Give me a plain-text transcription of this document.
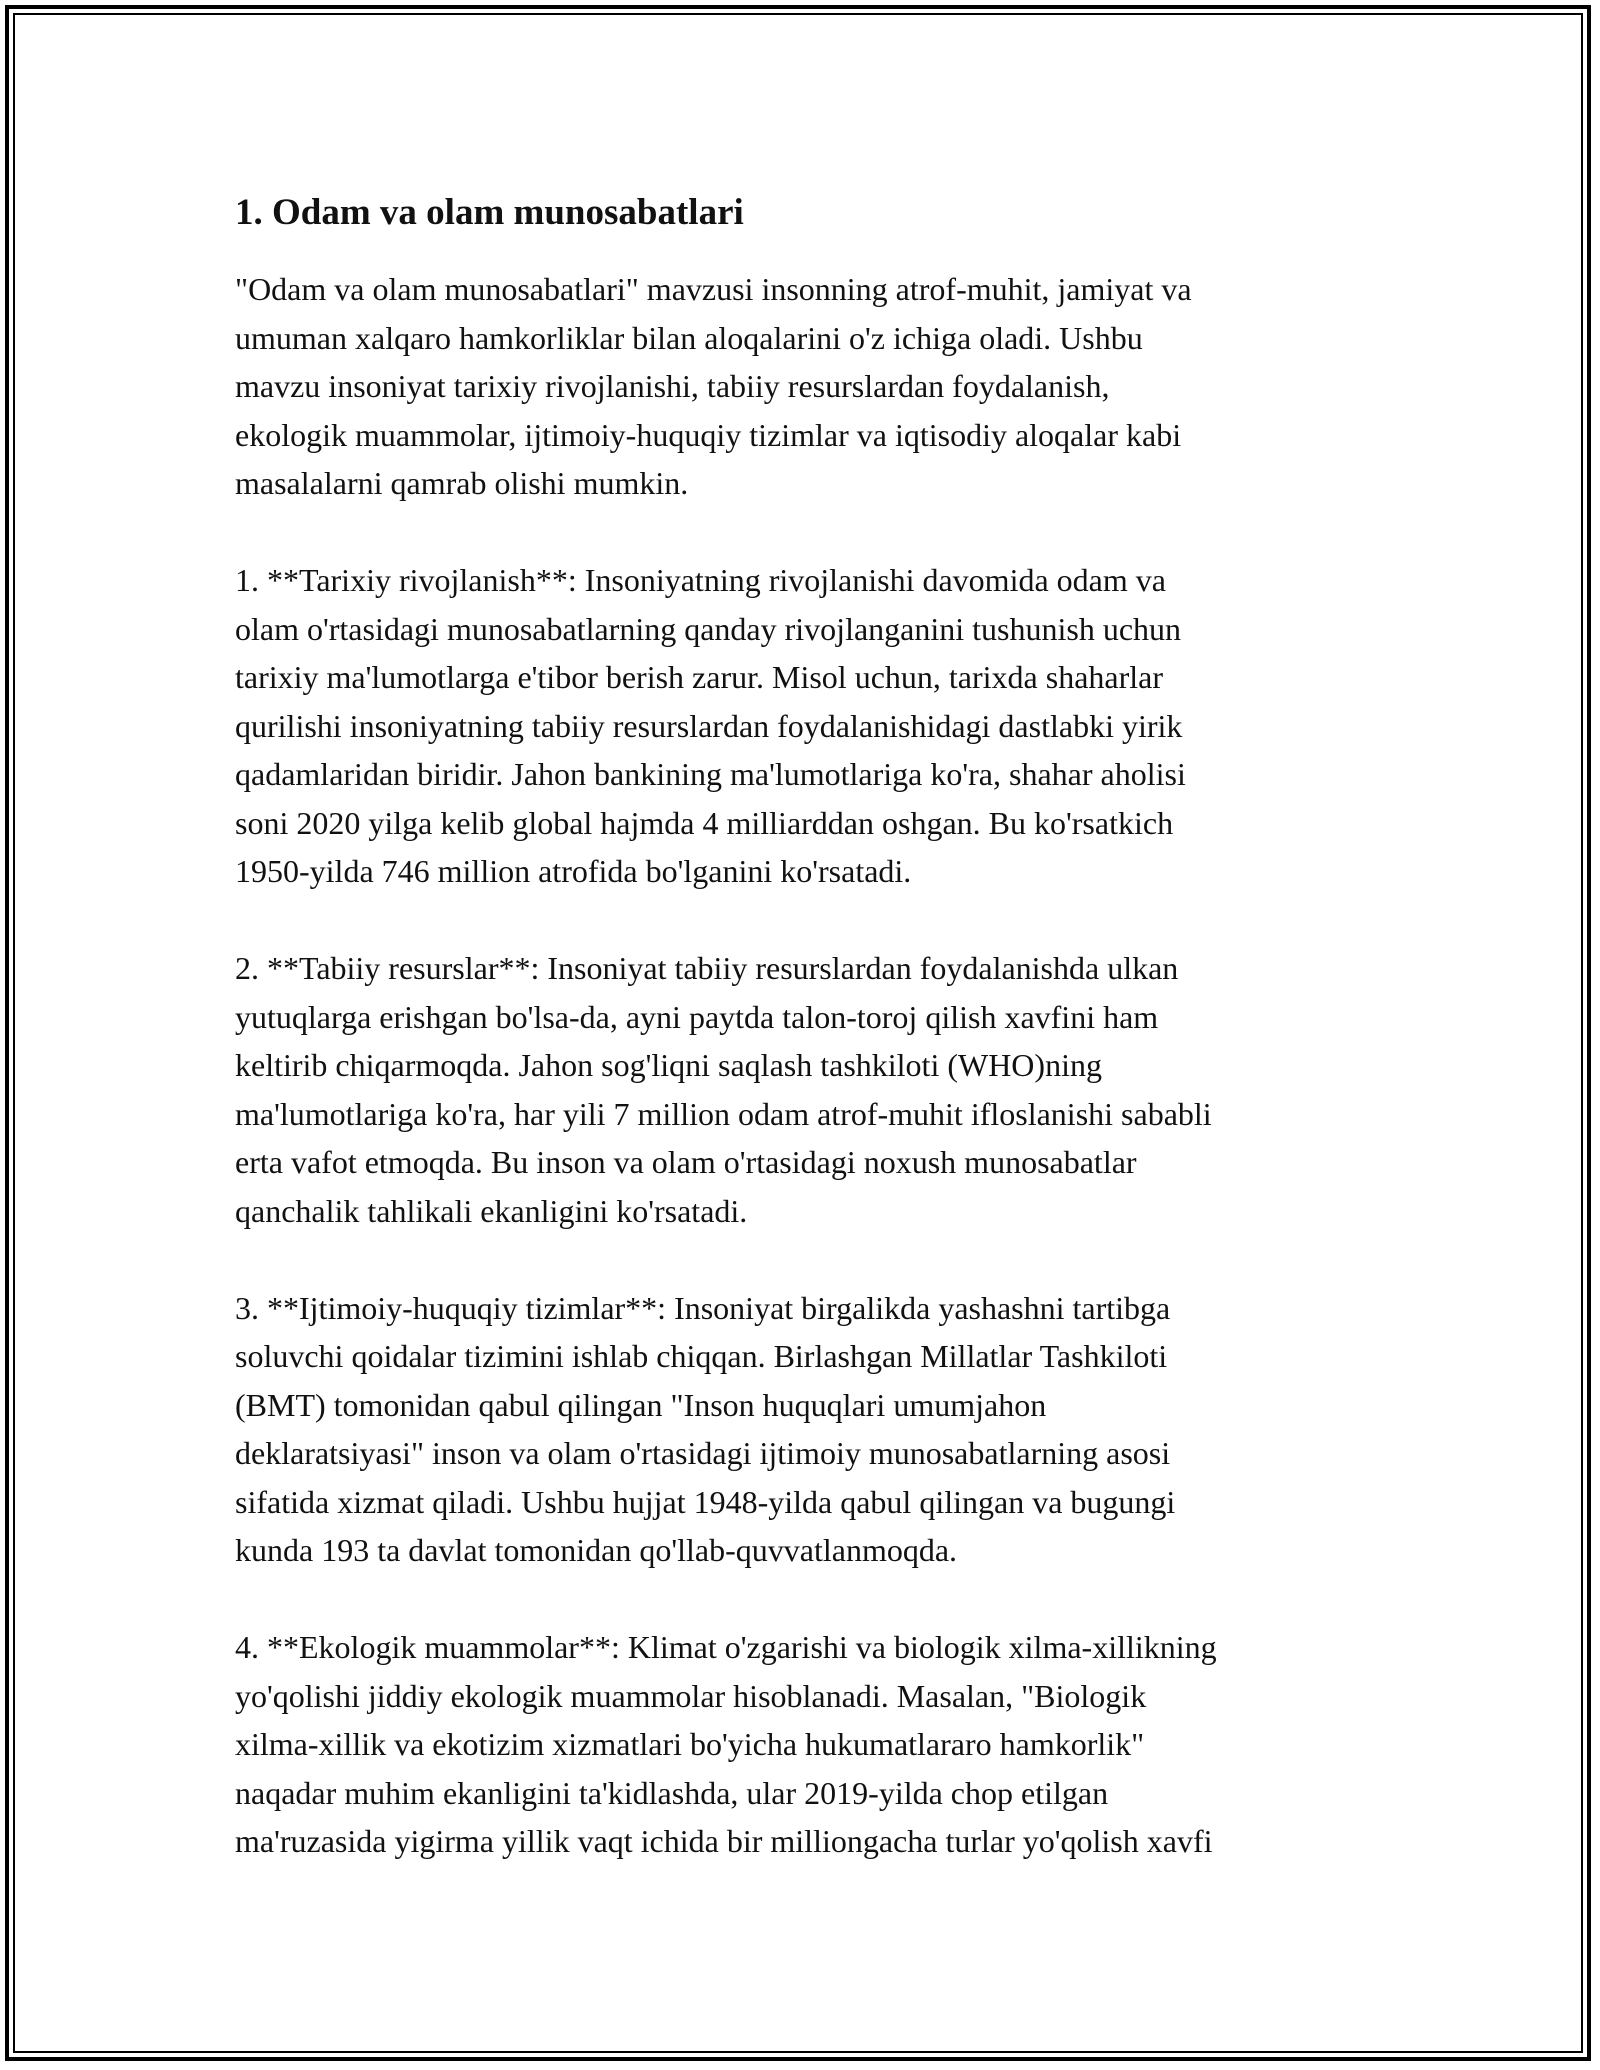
1. Odam va olam munosabatlari

"Odam va olam munosabatlari" mavzusi insonning atrof-muhit, jamiyat va
umuman xalqaro hamkorliklar bilan aloqalarini o'z ichiga oladi. Ushbu
mavzu insoniyat tarixiy rivojlanishi, tabiiy resurslardan foydalanish,
ekologik muammolar, ijtimoiy-huquqiy tizimlar va iqtisodiy aloqalar kabi
masalalarni qamrab olishi mumkin.

1. **Tarixiy rivojlanish**: Insoniyatning rivojlanishi davomida odam va
olam o'rtasidagi munosabatlarning qanday rivojlanganini tushunish uchun
tarixiy ma'lumotlarga e'tibor berish zarur. Misol uchun, tarixda shaharlar
qurilishi insoniyatning tabiiy resurslardan foydalanishidagi dastlabki yirik
qadamlaridan biridir. Jahon bankining ma'lumotlariga ko'ra, shahar aholisi
soni 2020 yilga kelib global hajmda 4 milliarddan oshgan. Bu ko'rsatkich
1950-yilda 746 million atrofida bo'lganini ko'rsatadi.

2. **Tabiiy resurslar**: Insoniyat tabiiy resurslardan foydalanishda ulkan
yutuqlarga erishgan bo'lsa-da, ayni paytda talon-toroj qilish xavfini ham
keltirib chiqarmoqda. Jahon sog'liqni saqlash tashkiloti (WHO)ning
ma'lumotlariga ko'ra, har yili 7 million odam atrof-muhit ifloslanishi sababli
erta vafot etmoqda. Bu inson va olam o'rtasidagi noxush munosabatlar
qanchalik tahlikali ekanligini ko'rsatadi.

3. **Ijtimoiy-huquqiy tizimlar**: Insoniyat birgalikda yashashni tartibga
soluvchi qoidalar tizimini ishlab chiqqan. Birlashgan Millatlar Tashkiloti
(BMT) tomonidan qabul qilingan "Inson huquqlari umumjahon
deklaratsiyasi" inson va olam o'rtasidagi ijtimoiy munosabatlarning asosi
sifatida xizmat qiladi. Ushbu hujjat 1948-yilda qabul qilingan va bugungi
kunda 193 ta davlat tomonidan qo'llab-quvvatlanmoqda.

4. **Ekologik muammolar**: Klimat o'zgarishi va biologik xilma-xillikning
yo'qolishi jiddiy ekologik muammolar hisoblanadi. Masalan, "Biologik
xilma-xillik va ekotizim xizmatlari bo'yicha hukumatlararo hamkorlik"
naqadar muhim ekanligini ta'kidlashda, ular 2019-yilda chop etilgan
ma'ruzasida yigirma yillik vaqt ichida bir milliongacha turlar yo'qolish xavfi
